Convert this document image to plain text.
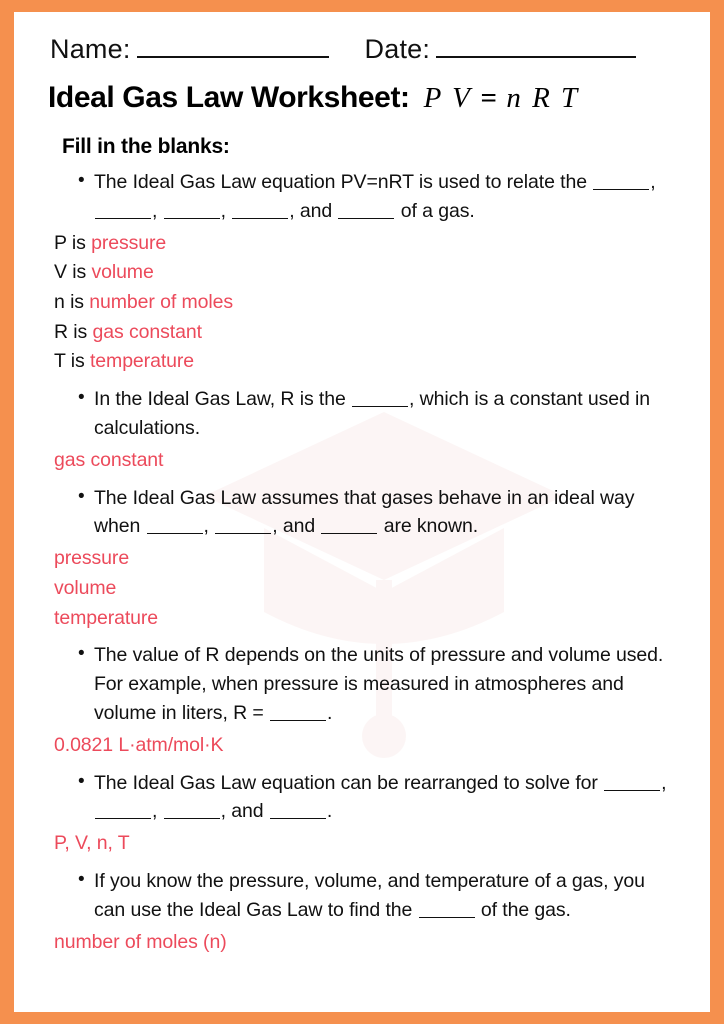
Name:	Date:
Ideal Gas Law Worksheet: P V = n R T
Fill in the blanks:
• The Ideal Gas Law equation PV=nRT is used to relate the	, ,	,	, and	of a gas.
P is pressure
V is volume
n is number of moles
R is gas constant
T is temperature
• In the Ideal Gas Law, R is the	, which is a constant used in calculations.
gas constant
• The Ideal Gas Law assumes that gases behave in an ideal way when	,	, and	are known.
pressure
volume
temperature
• The value of R depends on the units of pressure and volume used. For example, when pressure is measured in atmospheres and volume in liters, R =	.
0.0821 L·atm/mol·K
• The Ideal Gas Law equation can be rearranged to solve for	, ,	, and	.
P, V, n, T
• If you know the pressure, volume, and temperature of a gas, you can use the Ideal Gas Law to find the	of the gas.
number of moles (n)
